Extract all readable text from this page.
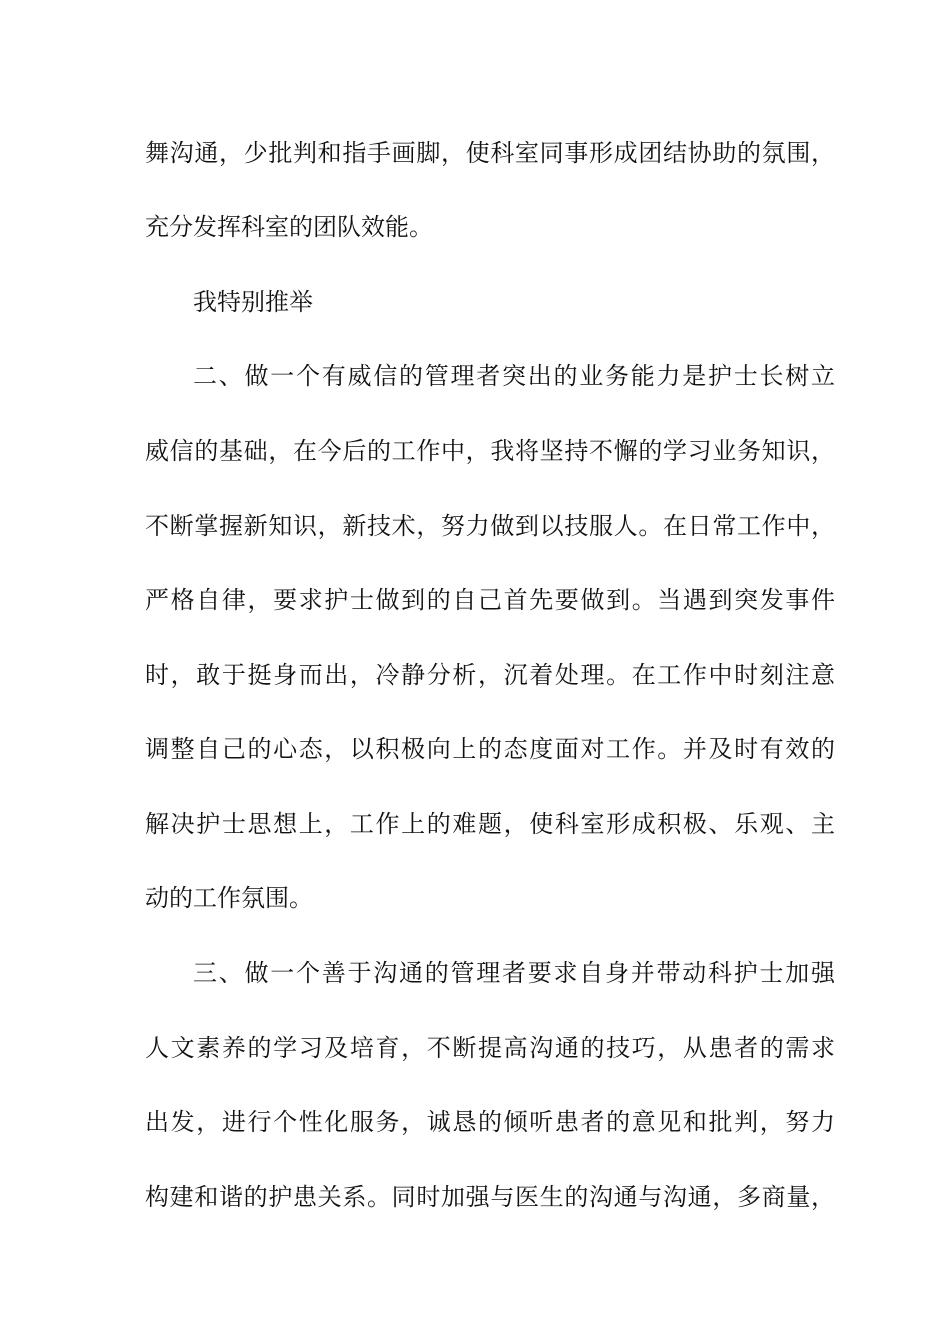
舞沟通，少批判和指手画脚，使科室同事形成团结协助的氛围，
充分发挥科室的团队效能。
我特别推举
二、做一个有威信的管理者突出的业务能力是护士长树立
威信的基础，在今后的工作中，我将坚持不懈的学习业务知识，
不断掌握新知识，新技术，努力做到以技服人。在日常工作中，
严格自律，要求护士做到的自己首先要做到。当遇到突发事件
时，敢于挺身而出，冷静分析，沉着处理。在工作中时刻注意
调整自己的心态，以积极向上的态度面对工作。并及时有效的
解决护士思想上，工作上的难题，使科室形成积极、乐观、主
动的工作氛围。
三、做一个善于沟通的管理者要求自身并带动科护士加强
人文素养的学习及培育，不断提高沟通的技巧，从患者的需求
出发，进行个性化服务，诚恳的倾听患者的意见和批判，努力
构建和谐的护患关系。同时加强与医生的沟通与沟通，多商量，
